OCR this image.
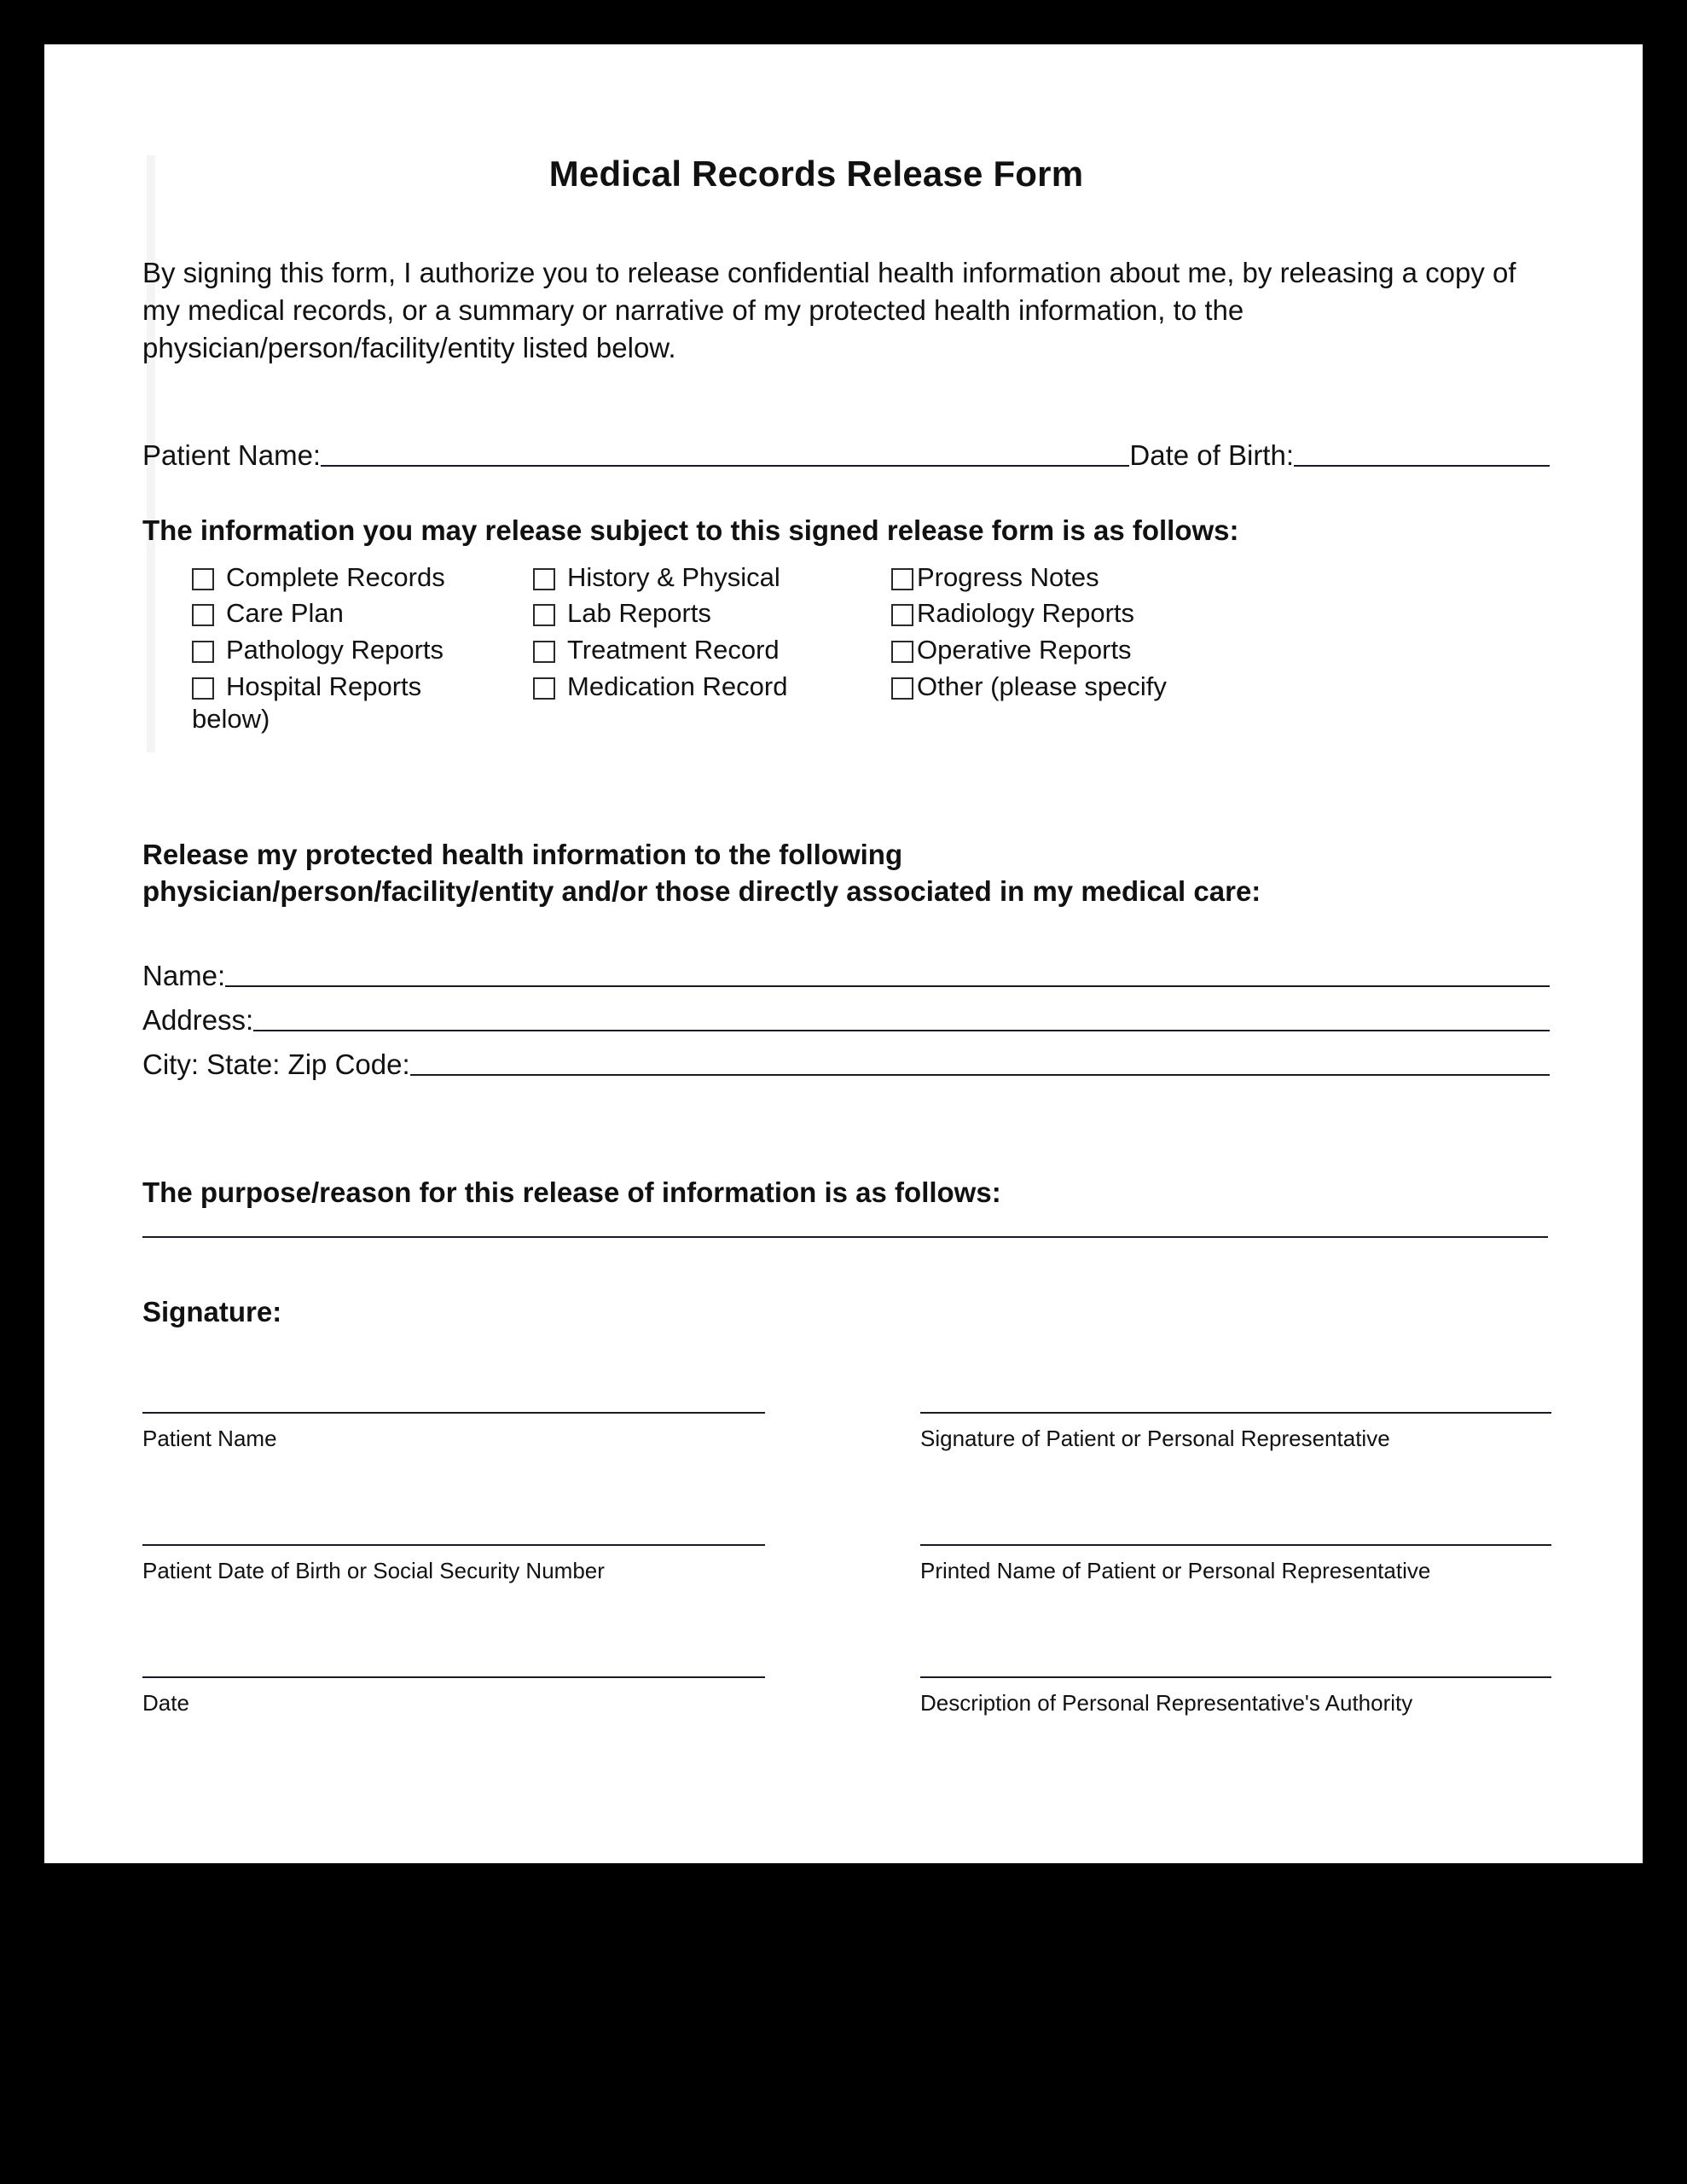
Medical Records Release Form
By signing this form, I authorize you to release confidential health information about me, by releasing a copy of my medical records, or a summary or narrative of my protected health information, to the physician/person/facility/entity listed below.
Patient Name:	Date of Birth:
The information you may release subject to this signed release form is as follows:
Complete Records	History & Physical	Progress Notes
Care Plan	Lab Reports	Radiology Reports
Pathology Reports	Treatment Record	Operative Reports
Hospital Reports	Medication Record	Other (please specify
below)
Release my protected health information to the following
physician/person/facility/entity and/or those directly associated in my medical care:
Name:
Address:
City: State: Zip Code:
The purpose/reason for this release of information is as follows:
Signature:
Patient Name	Signature of Patient or Personal Representative
Patient Date of Birth or Social Security Number	Printed Name of Patient or Personal Representative
Date	Description of Personal Representative's Authority
